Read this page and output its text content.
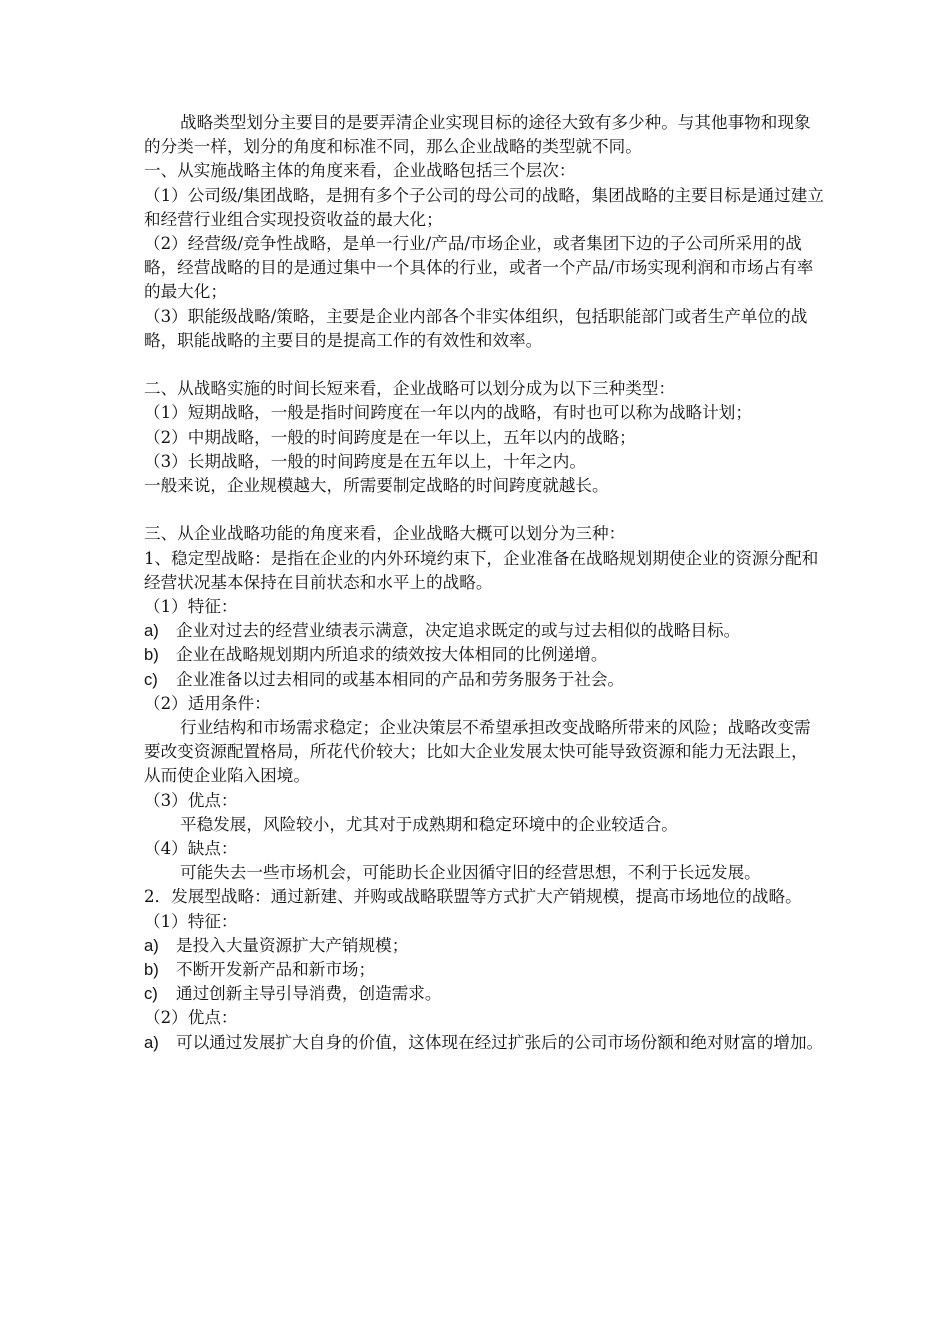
战略类型划分主要目的是要弄清企业实现目标的途径大致有多少种。与其他事物和现象的分类一样，划分的角度和标准不同，那么企业战略的类型就不同。

一、从实施战略主体的角度来看，企业战略包括三个层次：

（1）公司级/集团战略，是拥有多个子公司的母公司的战略，集团战略的主要目标是通过建立和经营行业组合实现投资收益的最大化；

（2）经营级/竞争性战略，是单一行业/产品/市场企业，或者集团下边的子公司所采用的战略，经营战略的目的是通过集中一个具体的行业，或者一个产品/市场实现利润和市场占有率的最大化；

（3）职能级战略/策略，主要是企业内部各个非实体组织，包括职能部门或者生产单位的战略，职能战略的主要目的是提高工作的有效性和效率。

二、从战略实施的时间长短来看，企业战略可以划分成为以下三种类型：

（1）短期战略，一般是指时间跨度在一年以内的战略，有时也可以称为战略计划；

（2）中期战略，一般的时间跨度是在一年以上，五年以内的战略；

（3）长期战略，一般的时间跨度是在五年以上，十年之内。

一般来说，企业规模越大，所需要制定战略的时间跨度就越长。

三、从企业战略功能的角度来看，企业战略大概可以划分为三种：

1、稳定型战略：是指在企业的内外环境约束下，企业准备在战略规划期使企业的资源分配和经营状况基本保持在目前状态和水平上的战略。

（1）特征：

a)	企业对过去的经营业绩表示满意，决定追求既定的或与过去相似的战略目标。
b)	企业在战略规划期内所追求的绩效按大体相同的比例递增。
c)	企业准备以过去相同的或基本相同的产品和劳务服务于社会。

（2）适用条件：

行业结构和市场需求稳定；企业决策层不希望承担改变战略所带来的风险；战略改变需要改变资源配置格局，所花代价较大；比如大企业发展太快可能导致资源和能力无法跟上，从而使企业陷入困境。

（3）优点：

平稳发展，风险较小，尤其对于成熟期和稳定环境中的企业较适合。

（4）缺点：

可能失去一些市场机会，可能助长企业因循守旧的经营思想，不利于长远发展。

2．发展型战略：通过新建、并购或战略联盟等方式扩大产销规模，提高市场地位的战略。

（1）特征：

a)	是投入大量资源扩大产销规模；
b)	不断开发新产品和新市场；
c)	通过创新主导引导消费，创造需求。

（2）优点：

a)	可以通过发展扩大自身的价值，这体现在经过扩张后的公司市场份额和绝对财富的增加。
